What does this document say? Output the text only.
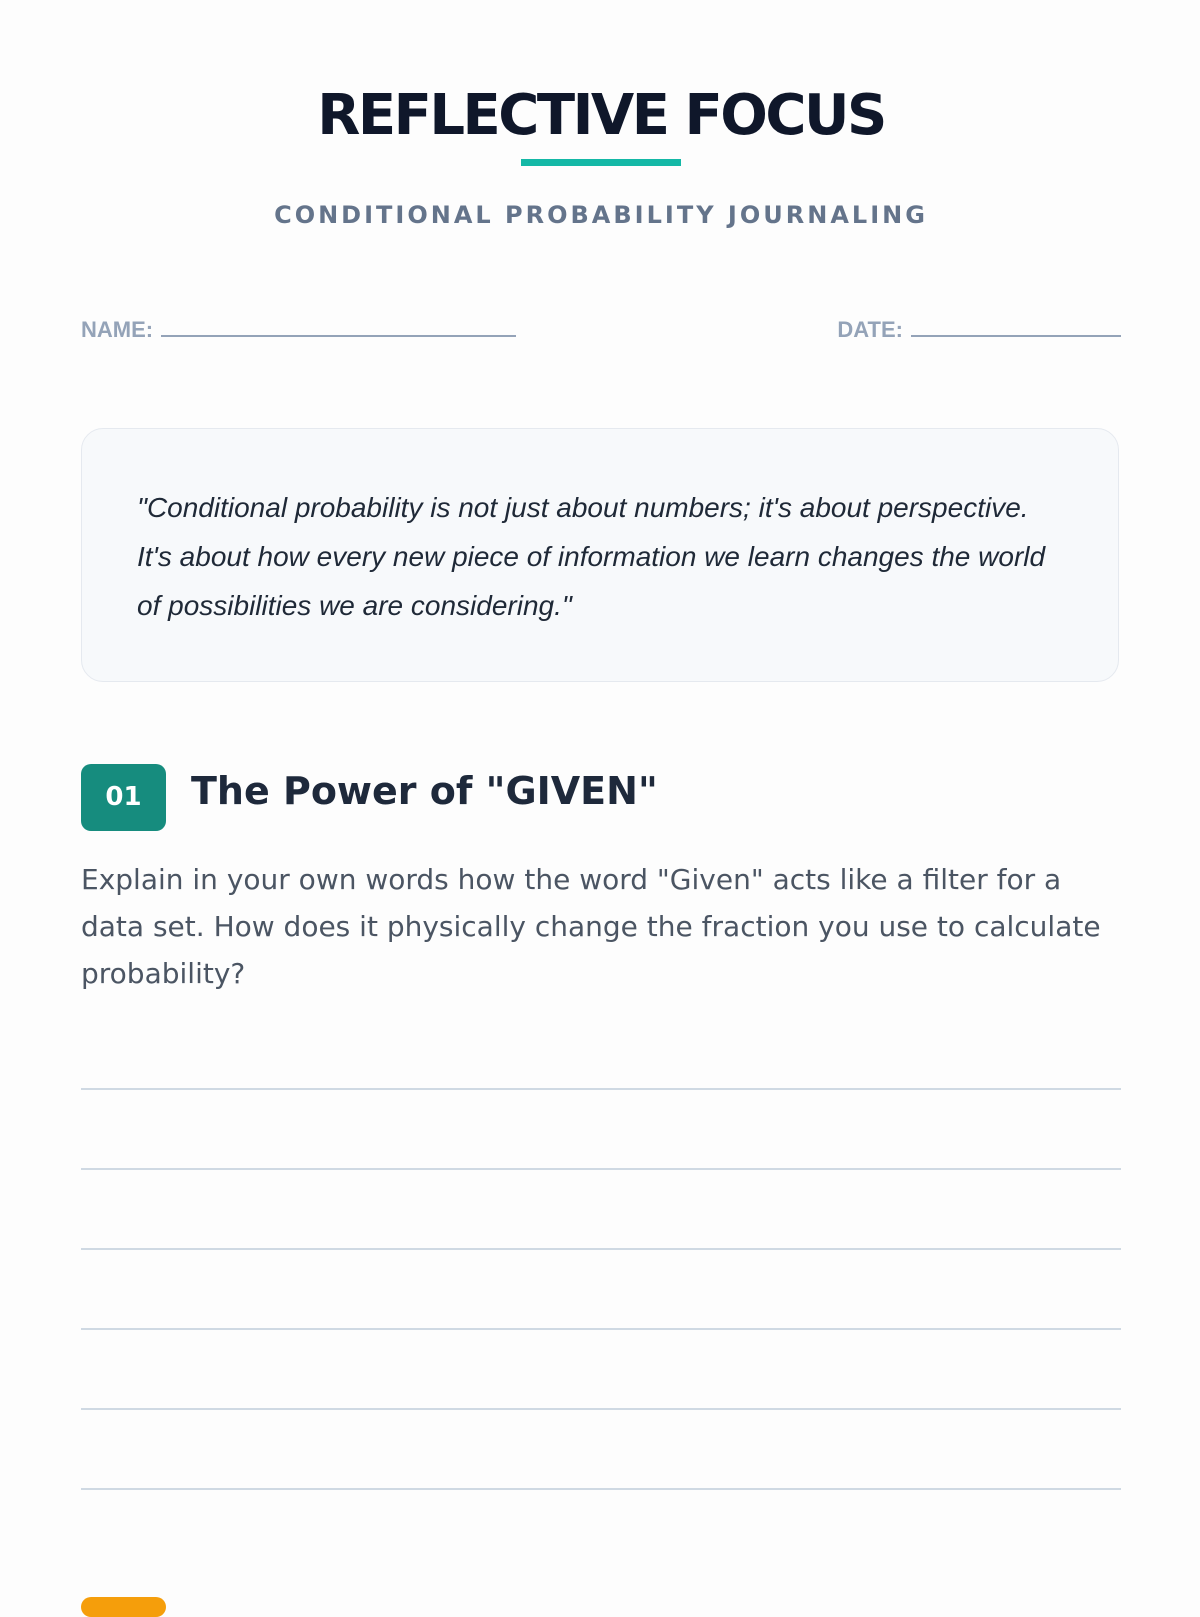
REFLECTIVE FOCUS
CONDITIONAL PROBABILITY JOURNALING
NAME:	DATE:
"Conditional probability is not just about numbers; it's about perspective. It's about how every new piece of information we learn changes the world of possibilities we are considering."
01	The Power of "GIVEN"
Explain in your own words how the word "Given" acts like a filter for a data set. How does it physically change the fraction you use to calculate probability?
